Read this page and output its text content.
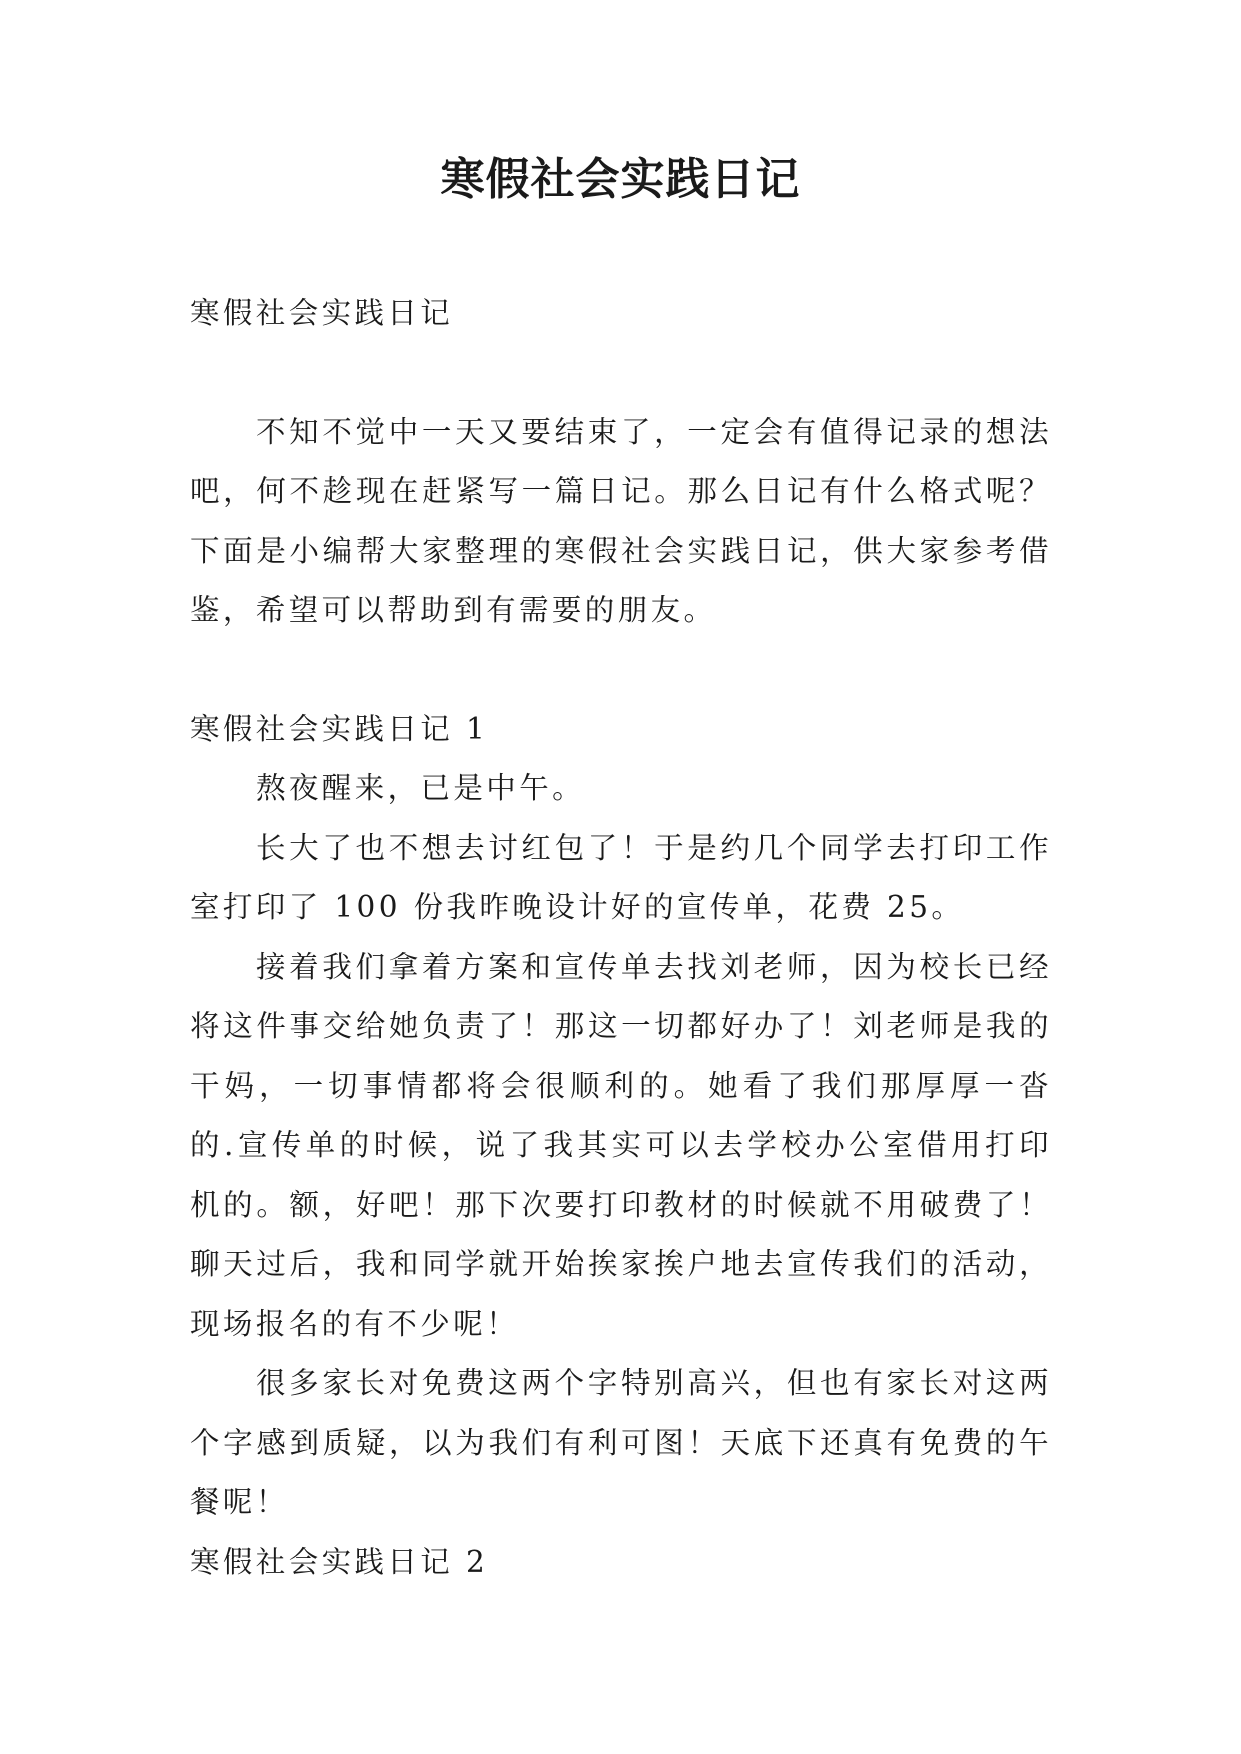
寒假社会实践日记

寒假社会实践日记

不知不觉中一天又要结束了，一定会有值得记录的想法吧，何不趁现在赶紧写一篇日记。那么日记有什么格式呢？下面是小编帮大家整理的寒假社会实践日记，供大家参考借鉴，希望可以帮助到有需要的朋友。

寒假社会实践日记 1

熬夜醒来，已是中午。

长大了也不想去讨红包了！于是约几个同学去打印工作室打印了 100 份我昨晚设计好的宣传单，花费 25。

接着我们拿着方案和宣传单去找刘老师，因为校长已经将这件事交给她负责了！那这一切都好办了！刘老师是我的干妈，一切事情都将会很顺利的。她看了我们那厚厚一沓的.宣传单的时候，说了我其实可以去学校办公室借用打印机的。额，好吧！那下次要打印教材的时候就不用破费了！聊天过后，我和同学就开始挨家挨户地去宣传我们的活动，现场报名的有不少呢！

很多家长对免费这两个字特别高兴，但也有家长对这两个字感到质疑，以为我们有利可图！天底下还真有免费的午餐呢！

寒假社会实践日记 2
